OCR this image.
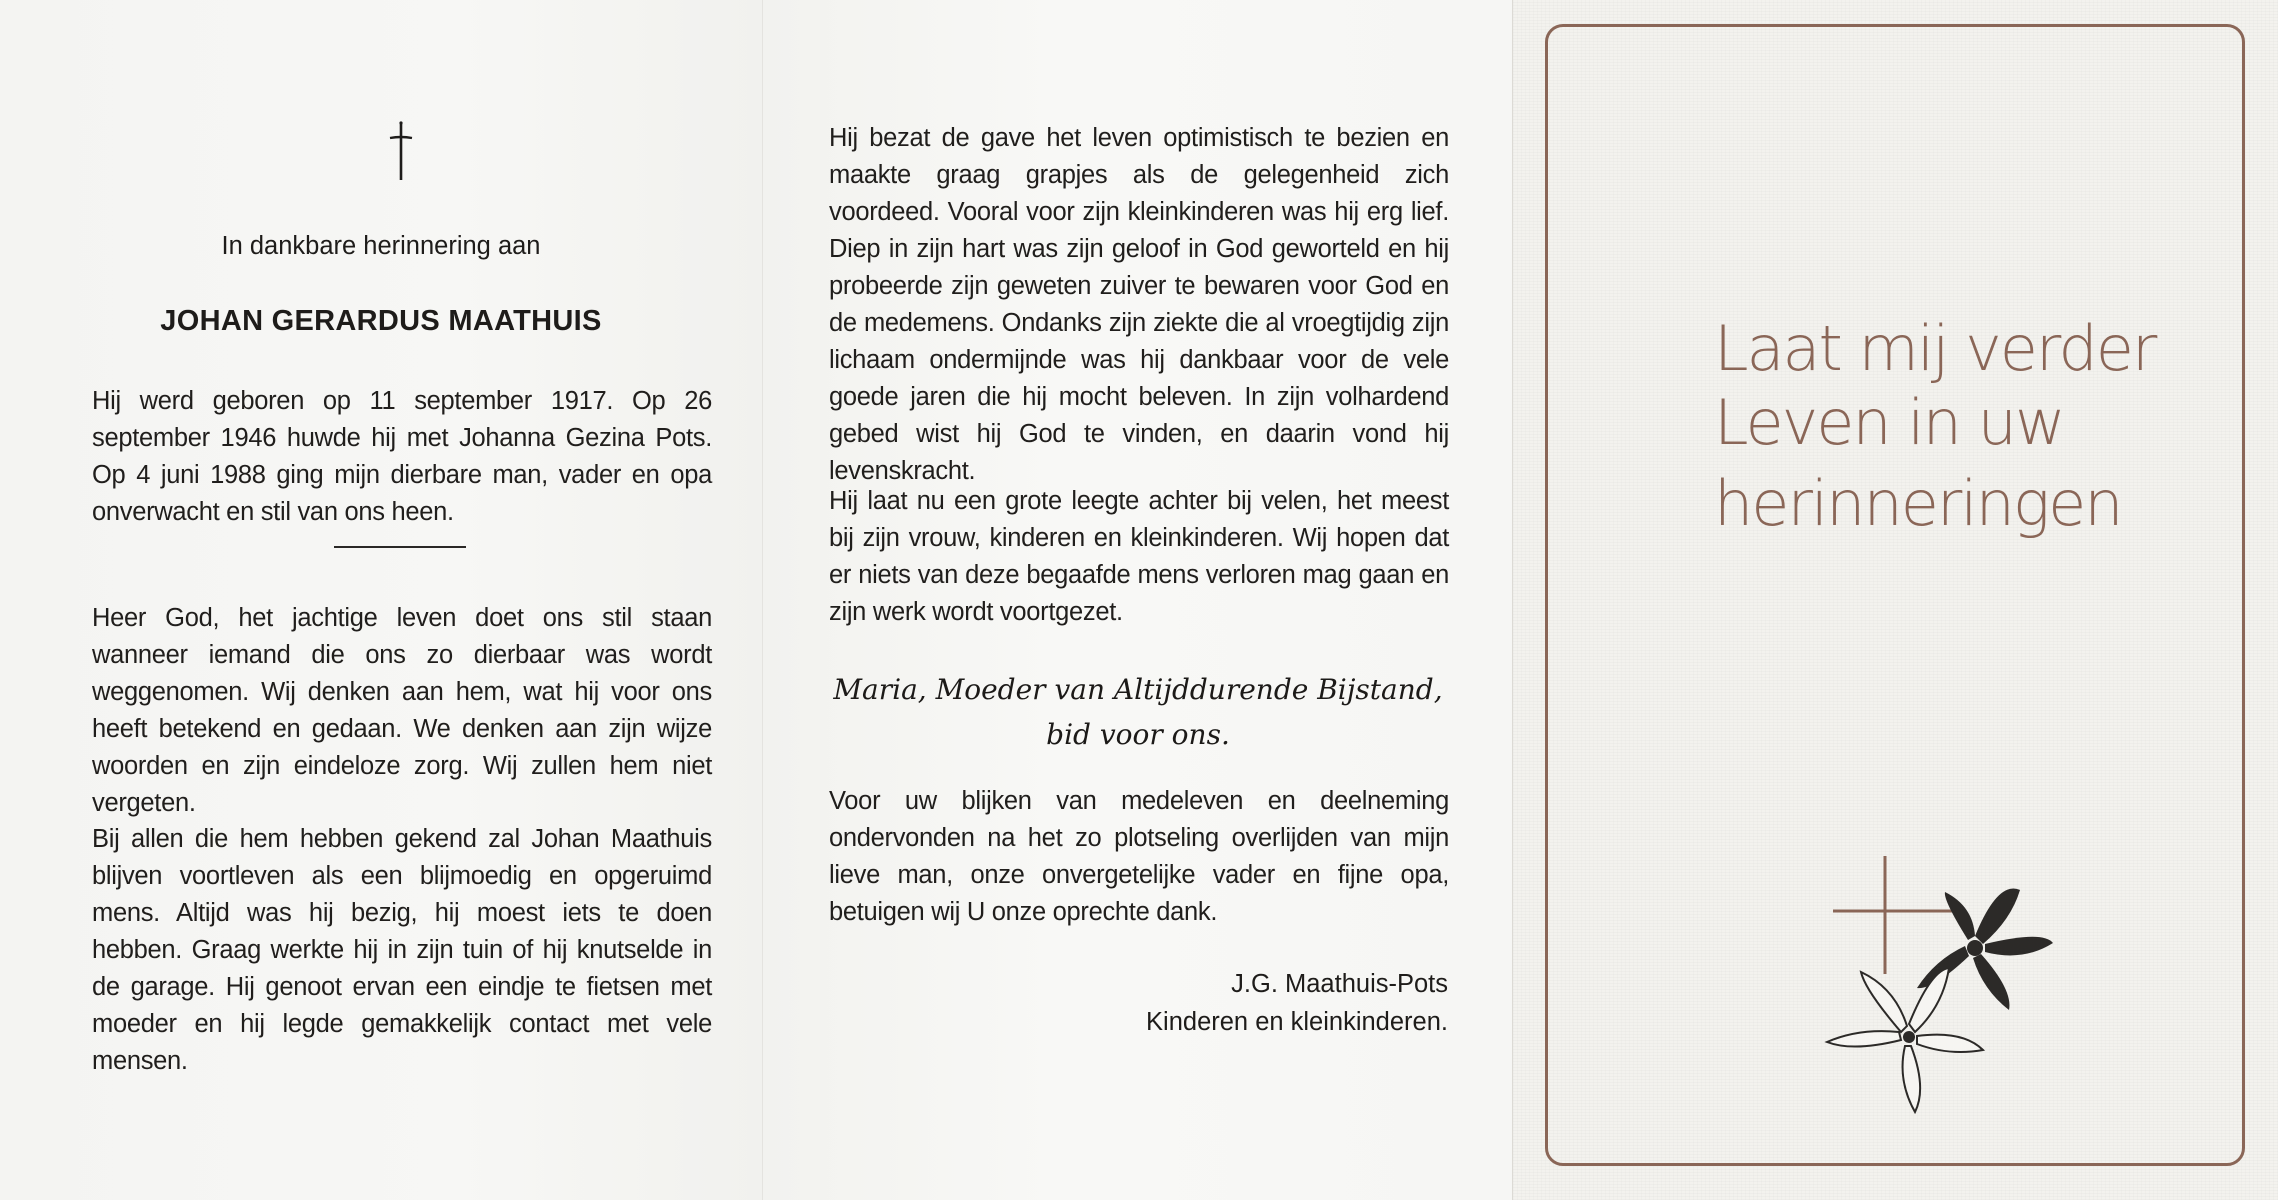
In dankbare herinnering aan

JOHAN GERARDUS MAATHUIS

Hij werd geboren op 11 september 1917. Op 26 september 1946 huwde hij met Johanna Gezina Pots. Op 4 juni 1988 ging mijn dierbare man, vader en opa onverwacht en stil van ons heen.

Heer God, het jachtige leven doet ons stil staan wanneer iemand die ons zo dierbaar was wordt weggenomen. Wij denken aan hem, wat hij voor ons heeft betekend en gedaan. We denken aan zijn wijze woorden en zijn eindeloze zorg. Wij zullen hem niet vergeten.

Bij allen die hem hebben gekend zal Johan Maathuis blijven voortleven als een blijmoedig en opgeruimd mens. Altijd was hij bezig, hij moest iets te doen hebben. Graag werkte hij in zijn tuin of hij knutselde in de garage. Hij genoot ervan een eindje te fietsen met moeder en hij legde gemakkelijk contact met vele mensen.

Hij bezat de gave het leven optimistisch te bezien en maakte graag grapjes als de gelegenheid zich voordeed. Vooral voor zijn kleinkinderen was hij erg lief. Diep in zijn hart was zijn geloof in God geworteld en hij probeerde zijn geweten zuiver te bewaren voor God en de medemens. Ondanks zijn ziekte die al vroegtijdig zijn lichaam ondermijnde was hij dankbaar voor de vele goede jaren die hij mocht beleven. In zijn volhardend gebed wist hij God te vinden, en daarin vond hij levenskracht.

Hij laat nu een grote leegte achter bij velen, het meest bij zijn vrouw, kinderen en kleinkinderen. Wij hopen dat er niets van deze begaafde mens verloren mag gaan en zijn werk wordt voortgezet.

Maria, Moeder van Altijddurende Bijstand,

bid voor ons.

Voor uw blijken van medeleven en deelneming ondervonden na het zo plotseling overlijden van mijn lieve man, onze onvergetelijke vader en fijne opa, betuigen wij U onze oprechte dank.

J.G. Maathuis-Pots

Kinderen en kleinkinderen.

Laat mij verder

Leven in uw

herinneringen
